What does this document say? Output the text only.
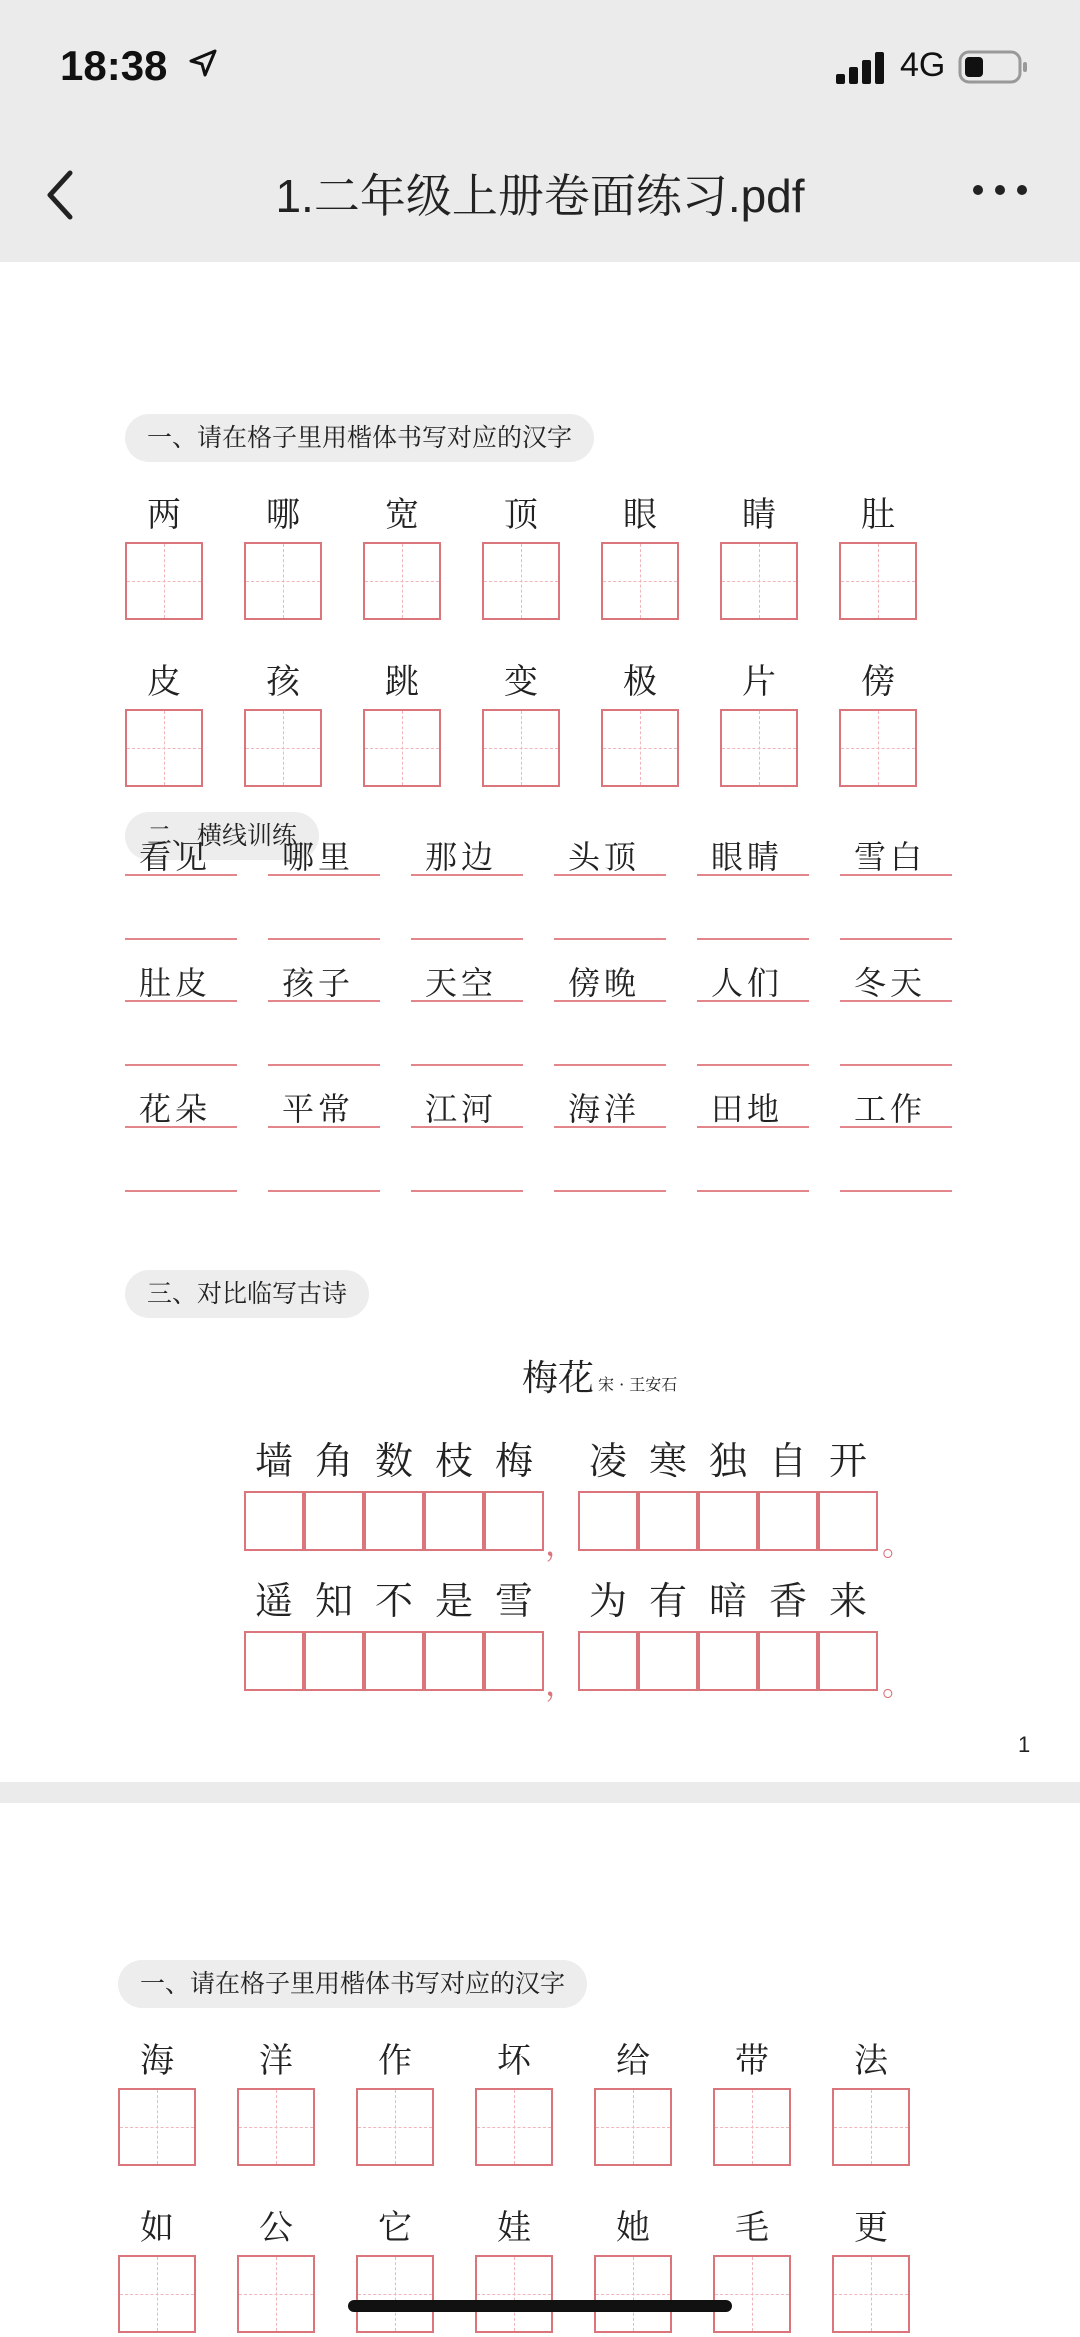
18:38	4G
1.二年级上册卷面练习.pdf
一、请在格子里用楷体书写对应的汉字
两	哪	宽	顶	眼	睛	肚
皮	孩	跳	变	极	片	傍
二、横线训练
看见	哪里	那边	头顶	眼睛	雪白
肚皮	孩子	天空	傍晚	人们	冬天
花朵	平常	江河	海洋	田地	工作
三、对比临写古诗
梅花 宋 · 王安石
墙 角 数 枝 梅 凌 寒 独 自 开
，	。
遥 知 不 是 雪 为 有 暗 香 来
，	。
1
一、请在格子里用楷体书写对应的汉字
海	洋	作	坏	给	带	法
如	公	它	娃	她	毛	更
